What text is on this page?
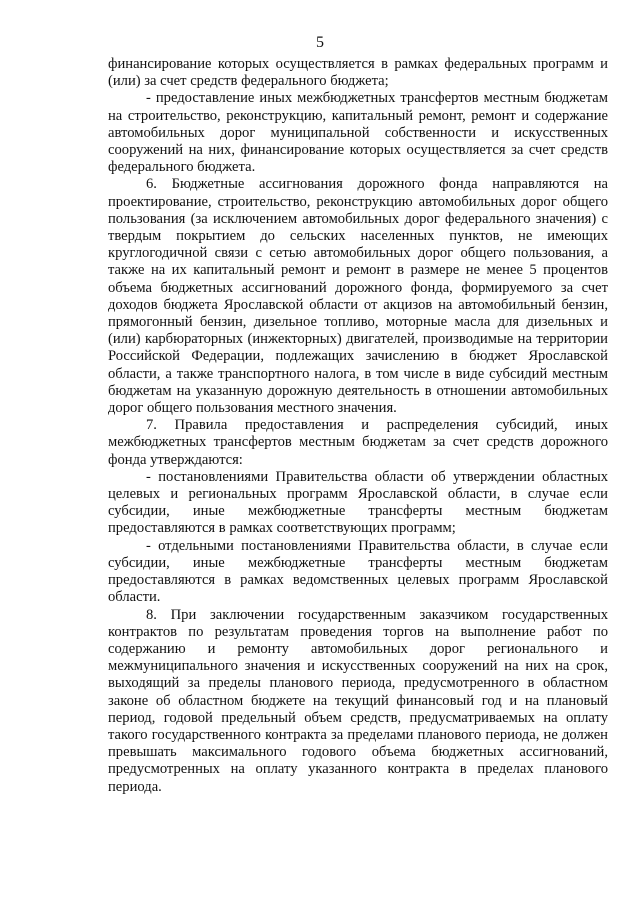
5

финансирование которых осуществляется в рамках федеральных программ и (или) за счет средств федерального бюджета;

- предоставление иных межбюджетных трансфертов местным бюджетам на строительство, реконструкцию, капитальный ремонт, ремонт и содержание автомобильных дорог муниципальной собственности и искусственных сооружений на них, финансирование которых осуществляется за счет средств федерального бюджета.

6. Бюджетные ассигнования дорожного фонда направляются на проектирование, строительство, реконструкцию автомобильных дорог общего пользования (за исключением автомобильных дорог федерального значения) с твердым покрытием до сельских населенных пунктов, не имеющих круглогодичной связи с сетью автомобильных дорог общего пользования, а также на их капитальный ремонт и ремонт в размере не менее 5 процентов объема бюджетных ассигнований дорожного фонда, формируемого за счет доходов бюджета Ярославской области от акцизов на автомобильный бензин, прямогонный бензин, дизельное топливо, моторные масла для дизельных и (или) карбюраторных (инжекторных) двигателей, производимые на территории Российской Федерации, подлежащих зачислению в бюджет Ярославской области, а также транспортного налога, в том числе в виде субсидий местным бюджетам на указанную дорожную деятельность в отношении автомобильных дорог общего пользования местного значения.

7. Правила предоставления и распределения субсидий, иных межбюджетных трансфертов местным бюджетам за счет средств дорожного фонда утверждаются:

- постановлениями Правительства области об утверждении областных целевых и региональных программ Ярославской области, в случае если субсидии, иные межбюджетные трансферты местным бюджетам предоставляются в рамках соответствующих программ;

- отдельными постановлениями Правительства области, в случае если субсидии, иные межбюджетные трансферты местным бюджетам предоставляются в рамках ведомственных целевых программ Ярославской области.

8. При заключении государственным заказчиком государственных контрактов по результатам проведения торгов на выполнение работ по содержанию и ремонту автомобильных дорог регионального и межмуниципального значения и искусственных сооружений на них на срок, выходящий за пределы планового периода, предусмотренного в областном законе об областном бюджете на текущий финансовый год и на плановый период, годовой предельный объем средств, предусматриваемых на оплату такого государственного контракта за пределами планового периода, не должен превышать максимального годового объема бюджетных ассигнований, предусмотренных на оплату указанного контракта в пределах планового периода.
